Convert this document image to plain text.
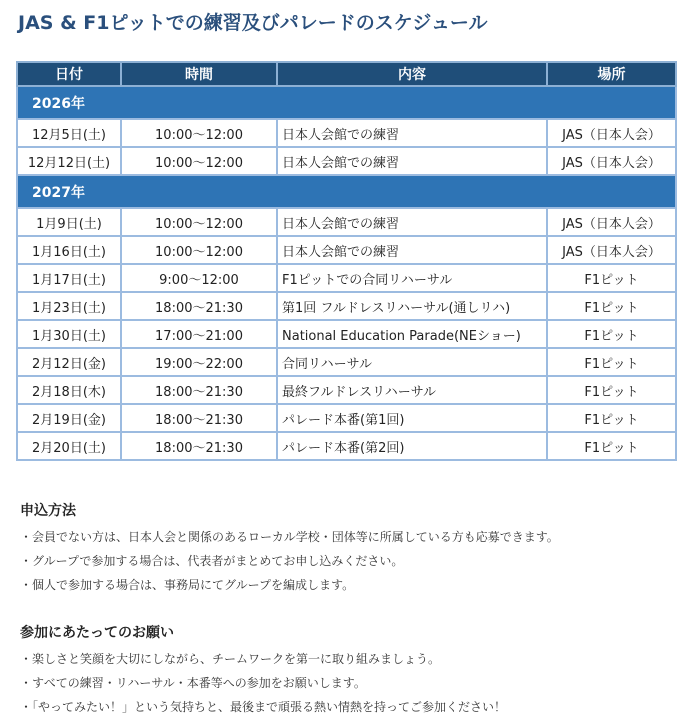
JAS & F1ピットでの練習及びパレードのスケジュール
日付	時間	内容	場所
2026年			
12月5日(土)	10:00～12:00	日本人会館での練習	JAS（日本人会）
12月12日(土)	10:00～12:00	日本人会館での練習	JAS（日本人会）
2027年			
1月9日(土)	10:00～12:00	日本人会館での練習	JAS（日本人会）
1月16日(土)	10:00～12:00	日本人会館での練習	JAS（日本人会）
1月17日(土)	9:00～12:00	F1ピットでの合同リハーサル	F1ピット
1月23日(土)	18:00～21:30	第1回 フルドレスリハーサル(通しリハ)	F1ピット
1月30日(土)	17:00～21:00	National Education Parade(NEショー)	F1ピット
2月12日(金)	19:00～22:00	合同リハーサル	F1ピット
2月18日(木)	18:00～21:30	最終フルドレスリハーサル	F1ピット
2月19日(金)	18:00～21:30	パレード本番(第1回)	F1ピット
2月20日(土)	18:00～21:30	パレード本番(第2回)	F1ピット
申込方法
・会員でない方は、日本人会と関係のあるローカル学校・団体等に所属している方も応募できます。
・グループで参加する場合は、代表者がまとめてお申し込みください。
・個人で参加する場合は、事務局にてグループを編成します。
参加にあたってのお願い
・楽しさと笑顔を大切にしながら、チームワークを第一に取り組みましょう。
・すべての練習・リハーサル・本番等への参加をお願いします。
・「やってみたい！」という気持ちと、最後まで頑張る熱い情熱を持ってご参加ください！
